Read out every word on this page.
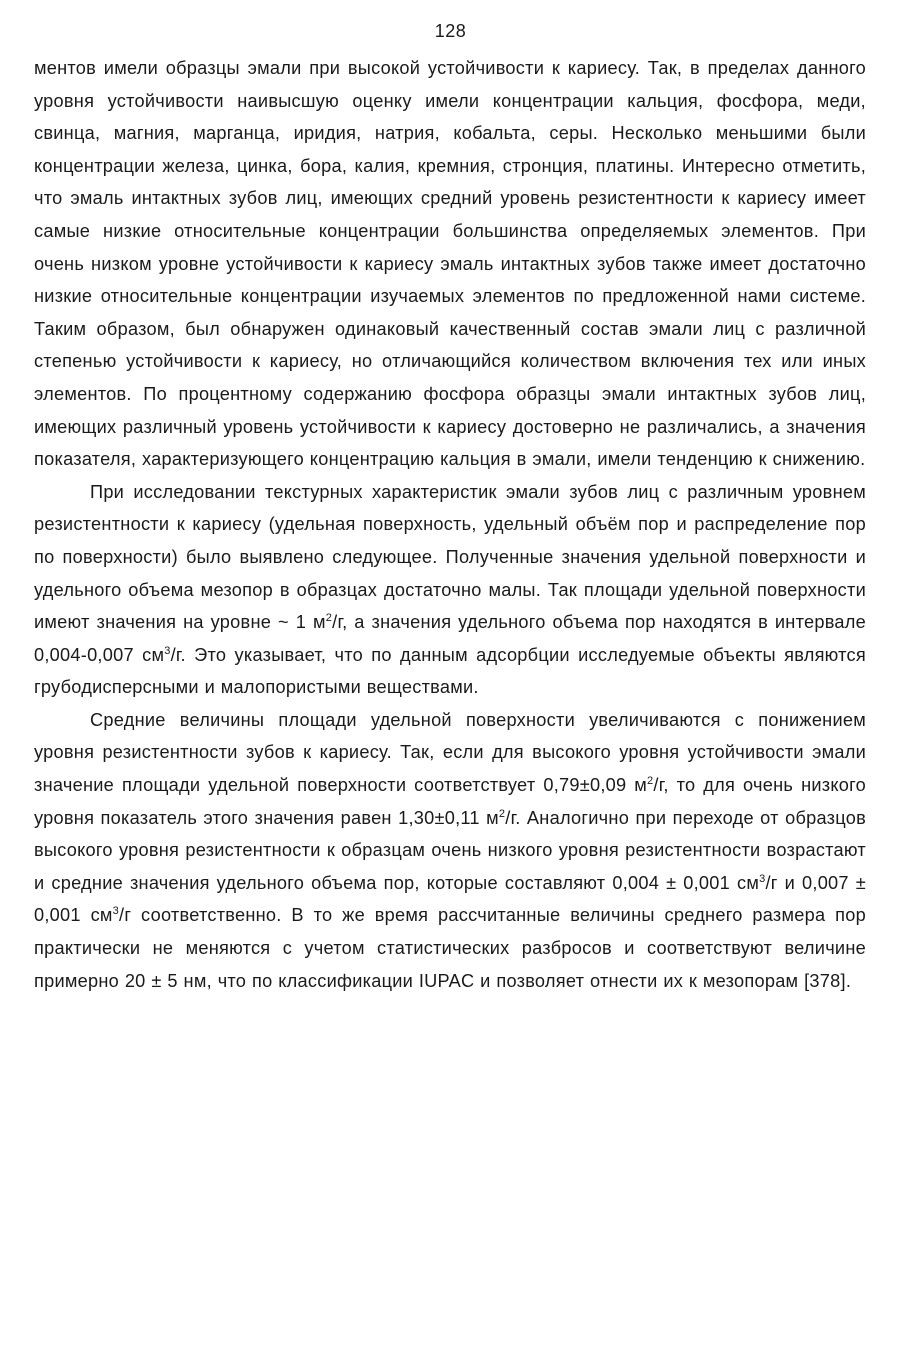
128

ментов имели образцы эмали при высокой устойчивости к кариесу. Так, в пределах данного уровня устойчивости наивысшую оценку имели концентрации кальция, фосфора, меди, свинца, магния, марганца, иридия, натрия, кобальта, серы. Несколько меньшими были концентрации железа, цинка, бора, калия, кремния, стронция, платины. Интересно отметить, что эмаль интактных зубов лиц, имеющих средний уровень резистентности к кариесу имеет самые низкие относительные концентрации большинства определяемых элементов. При очень низком уровне устойчивости к кариесу эмаль интактных зубов также имеет достаточно низкие относительные концентрации изучаемых элементов по предложенной нами системе. Таким образом, был обнаружен одинаковый качественный состав эмали лиц с различной степенью устойчивости к кариесу, но отличающийся количеством включения тех или иных элементов. По процентному содержанию фосфора образцы эмали интактных зубов лиц, имеющих различный уровень устойчивости к кариесу достоверно не различались, а значения показателя, характеризующего концентрацию кальция в эмали, имели тенденцию к снижению.

При исследовании текстурных характеристик эмали зубов лиц с различным уровнем резистентности к кариесу (удельная поверхность, удельный объём пор и распределение пор по поверхности) было выявлено следующее. Полученные значения удельной поверхности и удельного объема мезопор в образцах достаточно малы. Так площади удельной поверхности имеют значения на уровне ~ 1 $м^2/г$, а значения удельного объема пор находятся в интервале 0,004-0,007 $см^3/г$. Это указывает, что по данным адсорбции исследуемые объекты являются грубодисперсными и малопористыми веществами.

Средние величины площади удельной поверхности увеличиваются с понижением уровня резистентности зубов к кариесу. Так, если для высокого уровня устойчивости эмали значение площади удельной поверхности соответствует 0,79±0,09 $м^2/г$, то для очень низкого уровня показатель этого значения равен 1,30±0,11 $м^2/г$. Аналогично при переходе от образцов высокого уровня резистентности к образцам очень низкого уровня резистентности возрастают и средние значения удельного объема пор, которые составляют 0,004 ± 0,001 $см^3/г$ и 0,007 ± 0,001 $см^3/г$ соответственно. В то же время рассчитанные величины среднего размера пор практически не меняются с учетом статистических разбросов и соответствуют величине примерно 20 ± 5 нм, что по классификации IUPAC и позволяет отнести их к мезопорам [378].
